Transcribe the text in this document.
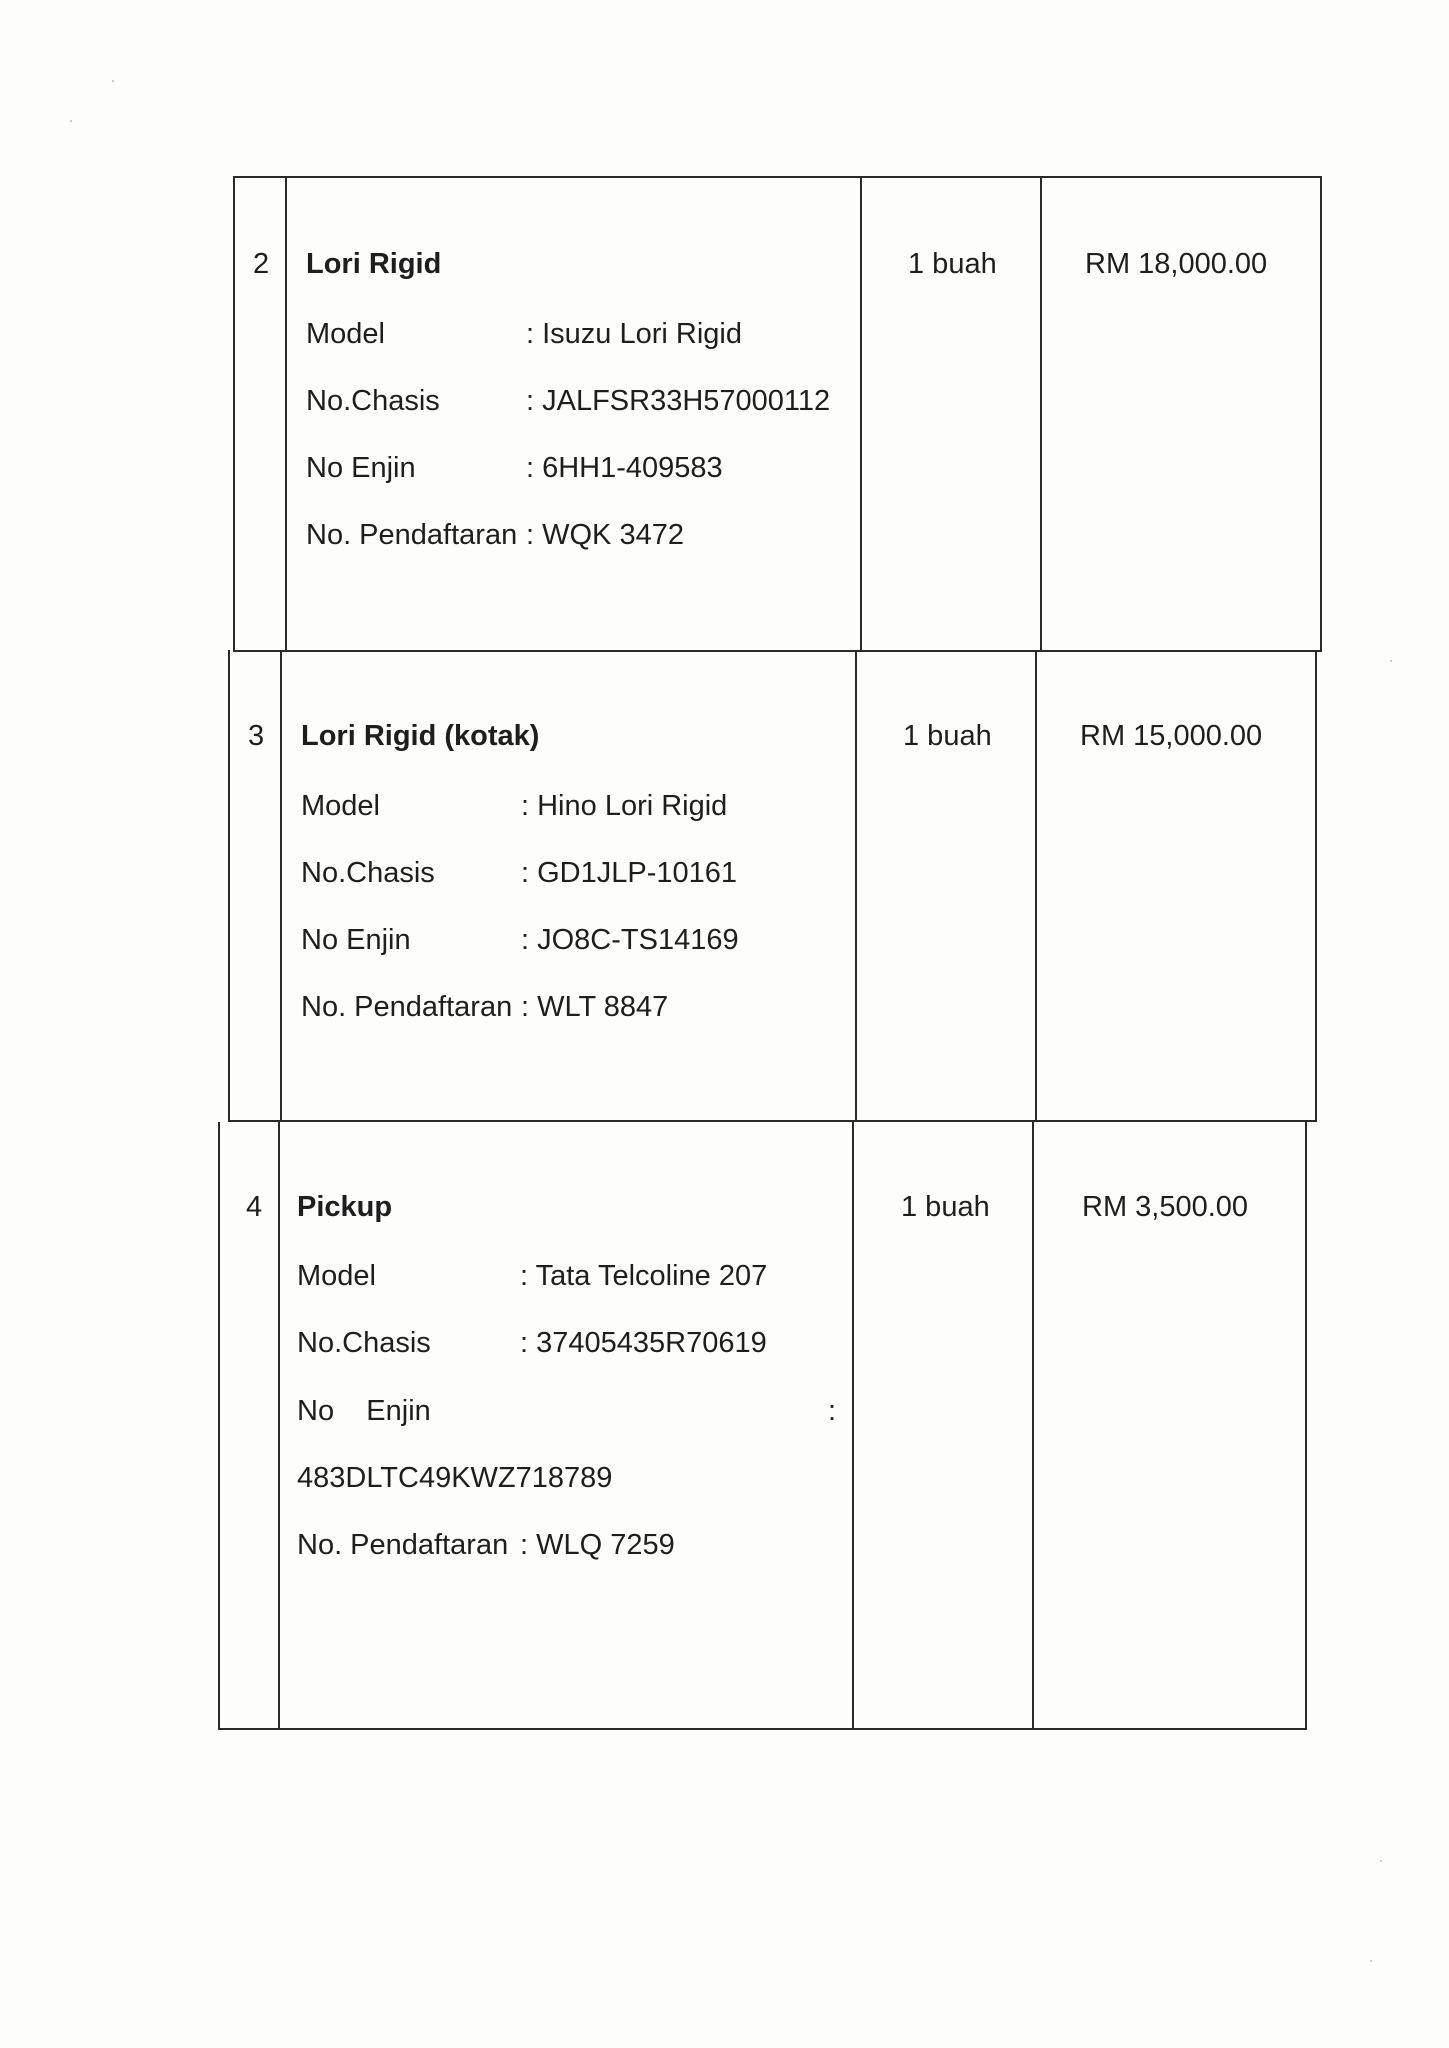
2 Lori Rigid	1 buah	RM 18,000.00
Model	: Isuzu Lori Rigid
No.Chasis	: JALFSR33H57000112
No Enjin	: 6HH1-409583
No. Pendaftaran : WQK 3472
3 Lori Rigid (kotak)	1 buah	RM 15,000.00
Model	: Hino Lori Rigid
No.Chasis	: GD1JLP-10161
No Enjin	: JO8C-TS14169
No. Pendaftaran : WLT 8847
4 Pickup	1 buah	RM 3,500.00
Model	: Tata Telcoline 207
No.Chasis	: 37405435R70619
No    Enjin	:
483DLTC49KWZ718789
No. Pendaftaran : WLQ 7259
